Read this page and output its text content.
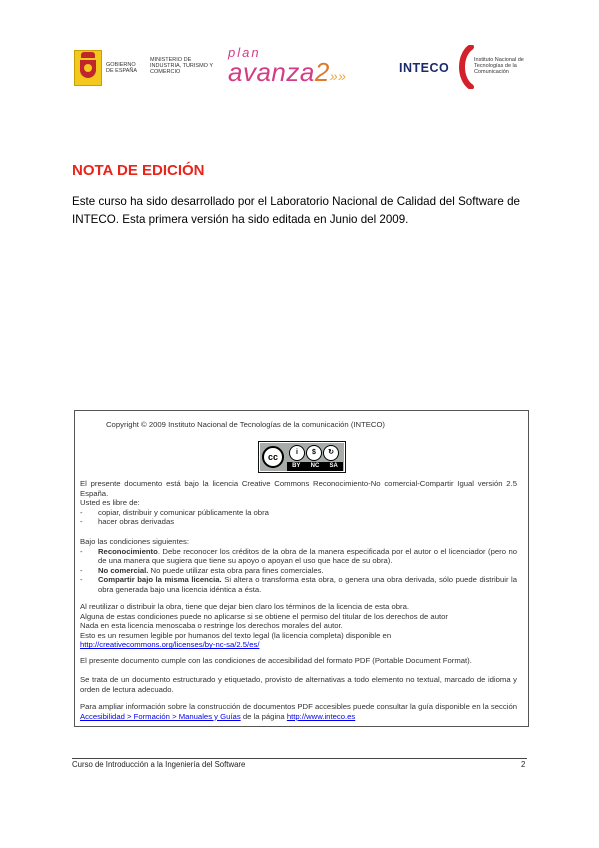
GOBIERNO DE ESPAÑA
MINISTERIO DE INDUSTRIA, TURISMO Y COMERCIO
plan
avanza2»»	INTECO
Instituto Nacional de Tecnologías de la Comunicación
NOTA DE EDICIÓN
Este curso ha sido desarrollado por el Laboratorio Nacional de Calidad del Software de INTECO. Esta primera versión ha sido editada en Junio del 2009.
Copyright © 2009 Instituto Nacional de Tecnologías de la comunicación (INTECO)
cc	i	$	↻
BY NC SA
El presente documento está bajo la licencia Creative Commons Reconocimiento-No comercial-Compartir Igual versión 2.5 España.
Usted es libre de:
- copiar, distribuir y comunicar públicamente la obra
- hacer obras derivadas
Bajo las condiciones siguientes:
- Reconocimiento. Debe reconocer los créditos de la obra de la manera especificada por el autor o el licenciador (pero no de una manera que sugiera que tiene su apoyo o apoyan el uso que hace de su obra).
- No comercial. No puede utilizar esta obra para fines comerciales.
- Compartir bajo la misma licencia. Si altera o transforma esta obra, o genera una obra derivada, sólo puede distribuir la obra generada bajo una licencia idéntica a ésta.
Al reutilizar o distribuir la obra, tiene que dejar bien claro los términos de la licencia de esta obra.
Alguna de estas condiciones puede no aplicarse si se obtiene el permiso del titular de los derechos de autor
Nada en esta licencia menoscaba o restringe los derechos morales del autor.
Esto es un resumen legible por humanos del texto legal (la licencia completa) disponible en
http://creativecommons.org/licenses/by-nc-sa/2.5/es/
El presente documento cumple con las condiciones de accesibilidad del formato PDF (Portable Document Format).
Se trata de un documento estructurado y etiquetado, provisto de alternativas a todo elemento no textual, marcado de idioma y orden de lectura adecuado.
Para ampliar información sobre la construcción de documentos PDF accesibles puede consultar la guía disponible en la sección Accesibilidad > Formación > Manuales y Guías de la página http://www.inteco.es
Curso de Introducción a la Ingeniería del Software	2
